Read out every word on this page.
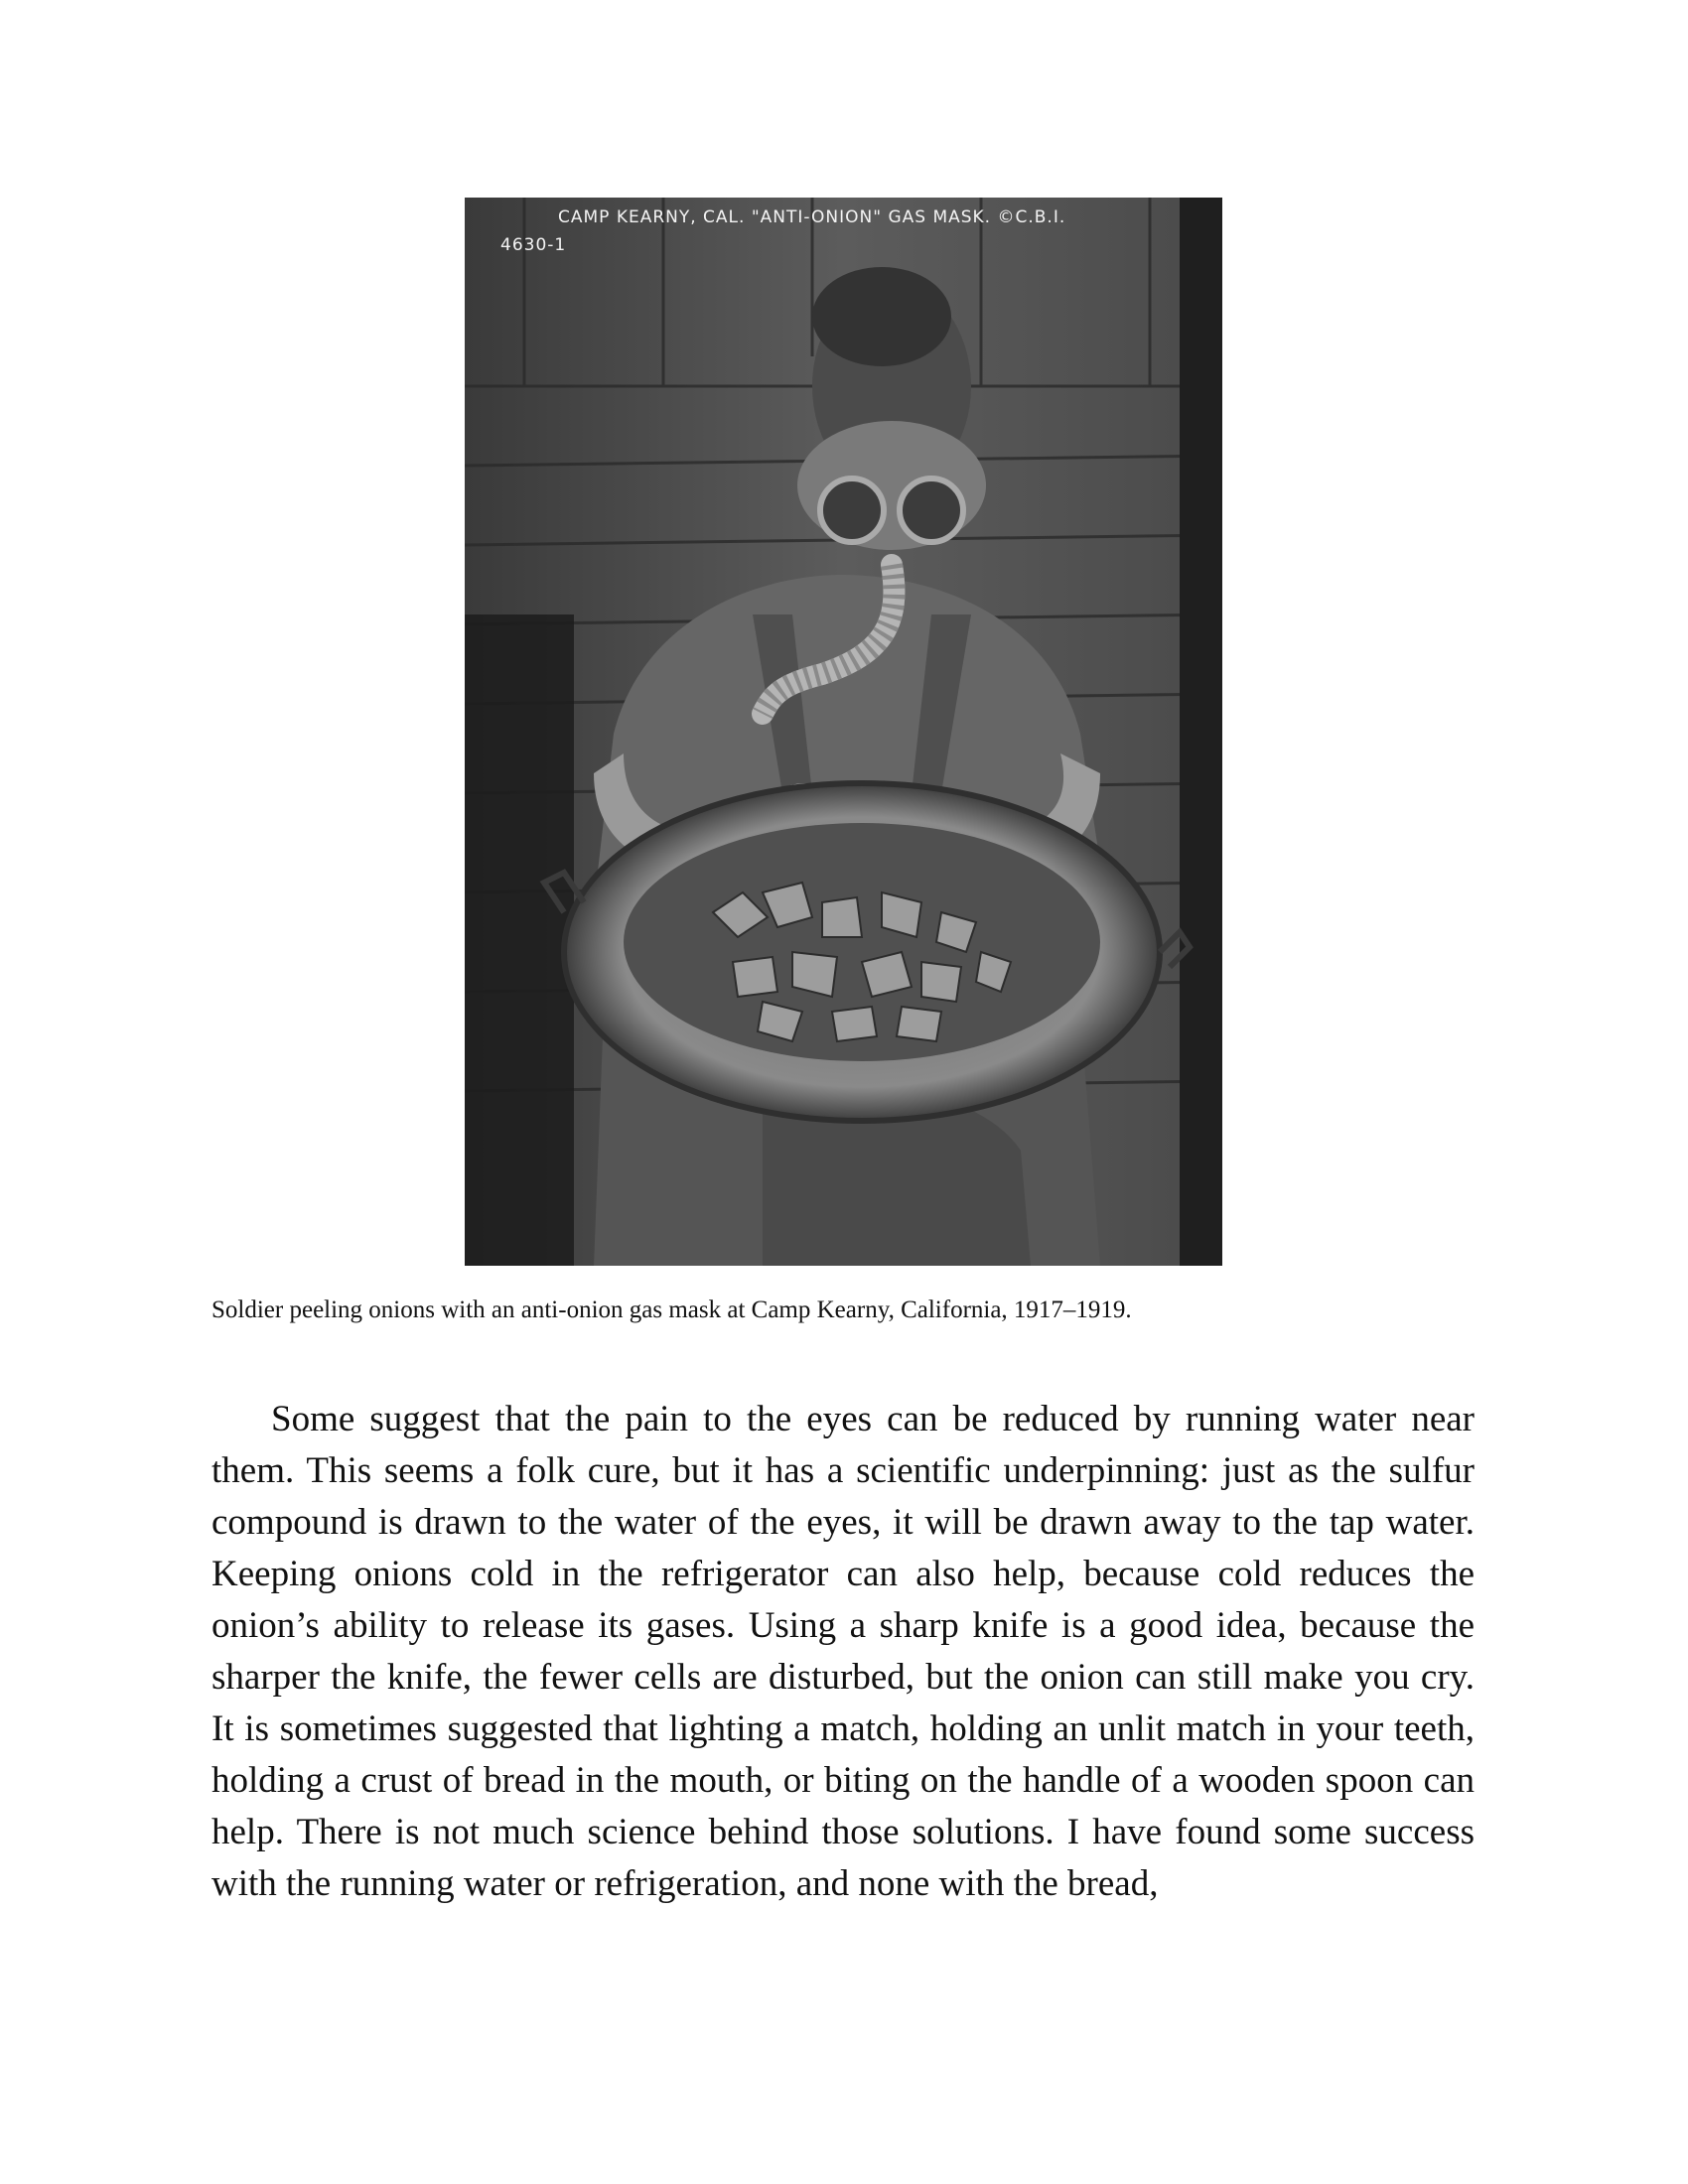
CAMP KEARNY, CAL. "ANTI-ONION" GAS MASK. ©C.B.I.
4630-1
Soldier peeling onions with an anti-onion gas mask at Camp Kearny, California, 1917–1919.

Some suggest that the pain to the eyes can be reduced by running water near them. This seems a folk cure, but it has a scientific underpinning: just as the sulfur compound is drawn to the water of the eyes, it will be drawn away to the tap water. Keeping onions cold in the refrigerator can also help, because cold reduces the onion’s ability to release its gases. Using a sharp knife is a good idea, because the sharper the knife, the fewer cells are disturbed, but the onion can still make you cry. It is sometimes suggested that lighting a match, holding an unlit match in your teeth, holding a crust of bread in the mouth, or biting on the handle of a wooden spoon can help. There is not much science behind those solutions. I have found some success with the running water or refrigeration, and none with the bread,
